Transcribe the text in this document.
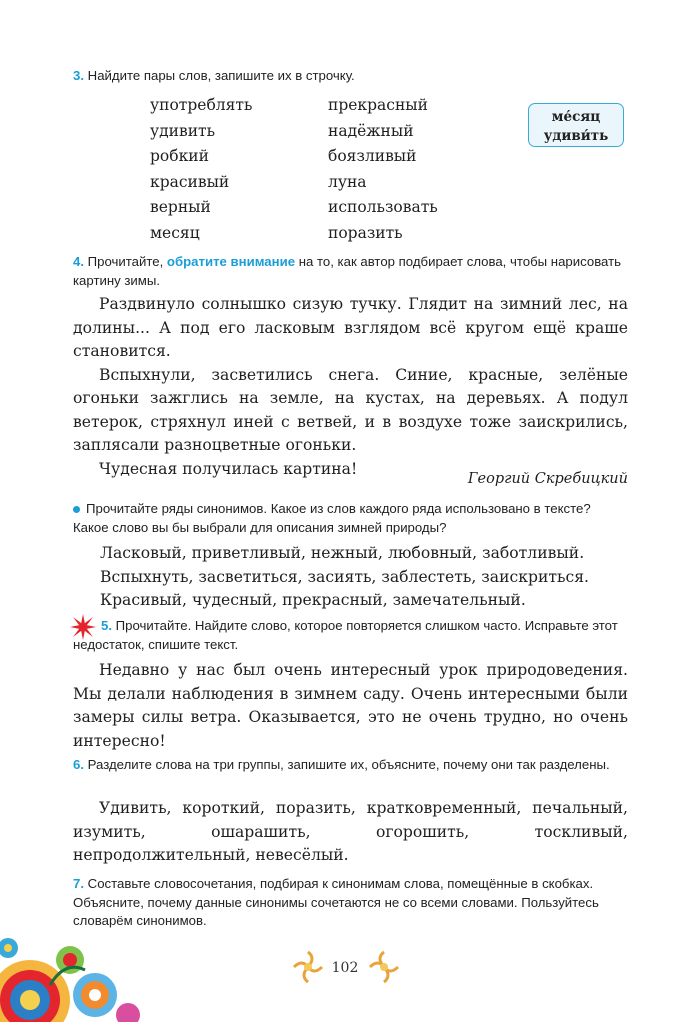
3. Найдите пары слов, запишите их в строчку.
употреблять	прекрасный
удивить	надёжный
робкий	боязливый
красивый	луна
верный	использовать
месяц	поразить
ме́сяц
удиви́ть
4. Прочитайте, обратите внимание на то, как автор подбирает слова, чтобы нарисовать картину зимы.

Раздвинуло солнышко сизую тучку. Глядит на зимний лес, на долины... А под его ласковым взглядом всё кругом ещё краше становится.

Вспыхнули, засветились снега. Синие, красные, зелёные огоньки зажглись на земле, на кустах, на деревьях. А подул ветерок, стряхнул иней с ветвей, и в воздухе тоже заискрились, заплясали разноцветные огоньки.

Чудесная получилась картина!

Георгий Скребицкий
Прочитайте ряды синонимов. Какое из слов каждого ряда использовано в тексте? Какое слово вы бы выбрали для описания зимней природы?
Ласковый, приветливый, нежный, любовный, заботливый.
Вспыхнуть, засветиться, засиять, заблестеть, заискриться.
Красивый, чудесный, прекрасный, замечательный.
5. Прочитайте. Найдите слово, которое повторяется слишком часто. Исправьте этот недостаток, спишите текст.

Недавно у нас был очень интересный урок природоведения. Мы делали наблюдения в зимнем саду. Очень интересными были замеры силы ветра. Оказывается, это не очень трудно, но очень интересно!

6. Разделите слова на три группы, запишите их, объясните, почему они так разделены.

Удивить, короткий, поразить, кратковременный, печальный, изумить, ошарашить, огорошить, тоскливый, непродолжительный, невесёлый.

7. Составьте словосочетания, подбирая к синонимам слова, помещённые в скобках. Объясните, почему данные синонимы сочетаются не со всеми словами. Пользуйтесь словарём синонимов.
102
